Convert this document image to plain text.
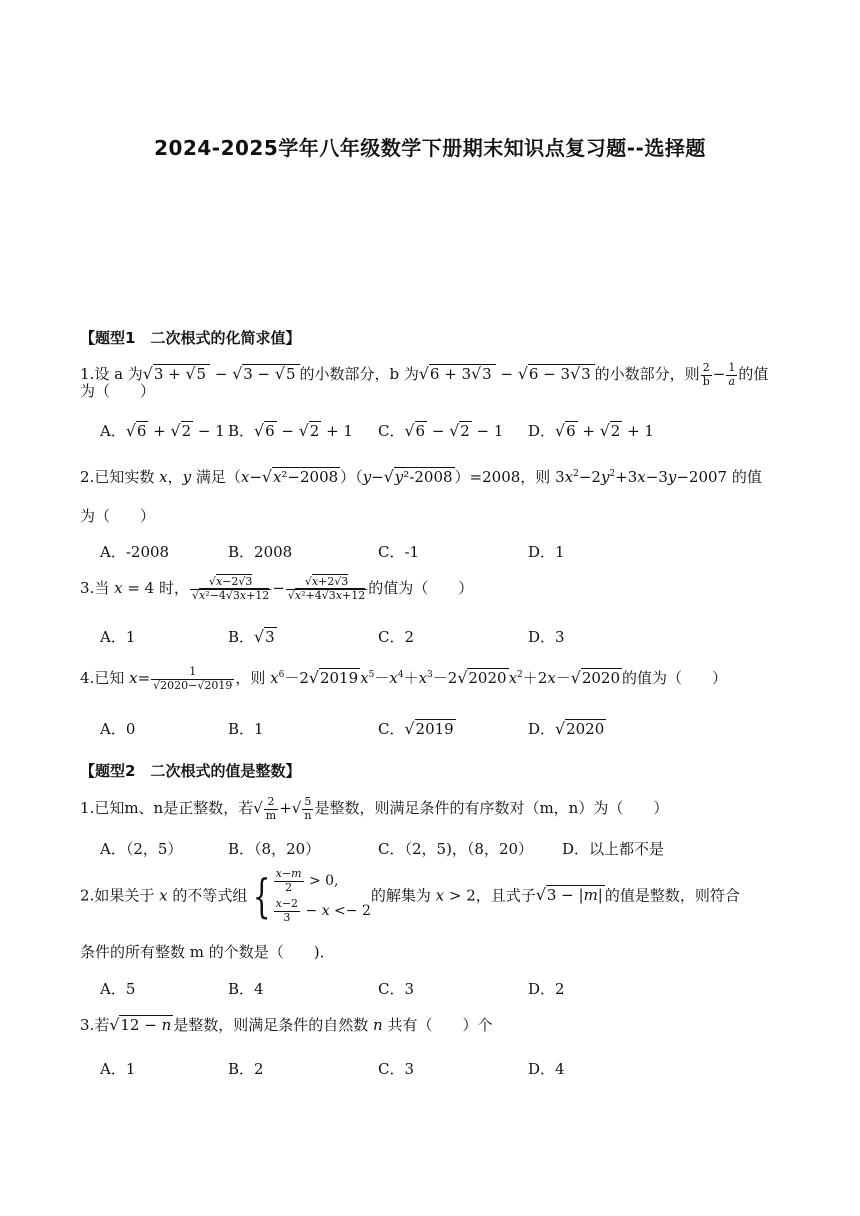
2024-2025学年八年级数学下册期末知识点复习题--选择题
【题型1　二次根式的化简求值】
1.设 a 为√3 + √5 − √3 − √5 的小数部分，b 为√6 + 3√3 − √6 − 3√3 的小数部分，则 $\frac{2}{b} - \frac{1}{a}$ 的值
为（　　）
A．√6 + √2 − 1 B．√6 − √2 + 1 C．√6 − √2 − 1 D．√6 + √2 + 1
2.已知实数 x，y 满足（x−√x²−2008 ）（y−√y²-2008 ）=2008，则 $3x^2-2y^2+3x-3y-2007$ 的值
为（　　）
A．-2008	B．2008	C．-1	D．1
3.当 x = 4 时， $\frac{√x-2√3}{\text{√x²−4√3x+12}} - \frac{√x+2√3}{\text{√x²+4√3x+12}}$ 的值为（　　）
A．1	B．√3	C．2	D．3
4.已知 $x= \frac{1}{√2020-√2019}$ ，则 $x^6-2√2019$ $x^5-x^4+x^3-2√2020$ $x^2+2x-√2020$ 的值为（　　）
A．0	B．1	C．√2019	D．√2020
【题型2　二次根式的值是整数】
1.已知m、n是正整数，若√ $\frac{2}{m}$ +√ $\frac{5}{n}$ 是整数，则满足条件的有序数对（m，n）为（　　）
A．（2，5）	B．（8，20）	C．（2，5)，（8，20） D．以上都不是
2.如果关于 x 的不等式组 { $\frac{x-m}{2} > 0$,
$\frac{x-2}{3} - x <- 2$
的解集为 x > 2，且式子√3 − |m| 的值是整数，则符合
条件的所有整数 m 的个数是（　　)．
A．5	B．4	C．3	D．2
3.若√12 − n 是整数，则满足条件的自然数 n 共有（　　）个
A．1	B．2	C．3	D．4
